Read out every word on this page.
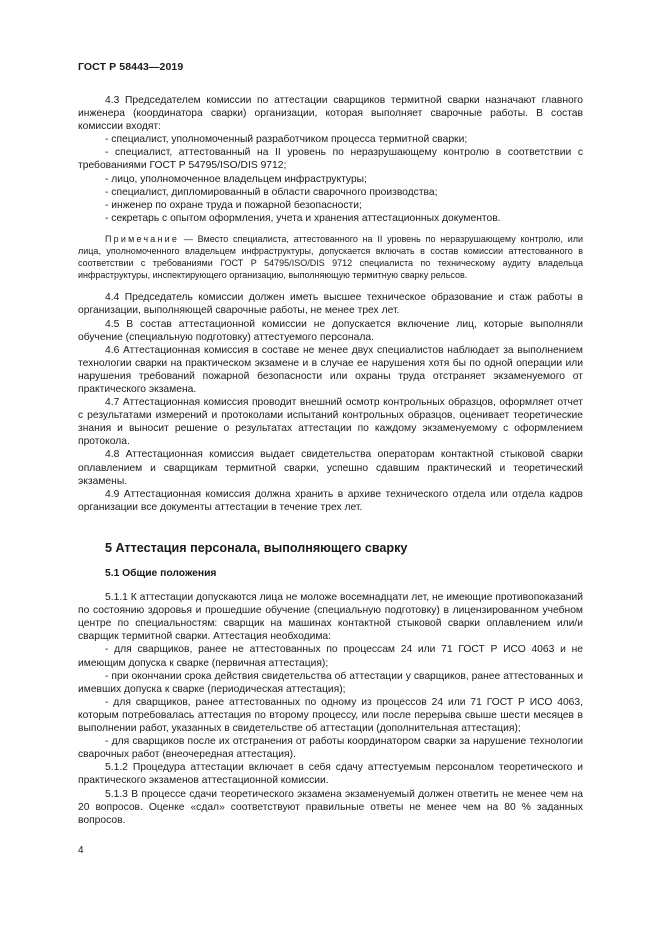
ГОСТ Р 58443—2019

4.3 Председателем комиссии по аттестации сварщиков термитной сварки назначают главного инженера (координатора сварки) организации, которая выполняет сварочные работы. В состав комиссии входят:

- специалист, уполномоченный разработчиком процесса термитной сварки;

- специалист, аттестованный на II уровень по неразрушающему контролю в соответствии с требованиями ГОСТ Р 54795/ISO/DIS 9712;

- лицо, уполномоченное владельцем инфраструктуры;

- специалист, дипломированный в области сварочного производства;

- инженер по охране труда и пожарной безопасности;

- секретарь с опытом оформления, учета и хранения аттестационных документов.

Примечание — Вместо специалиста, аттестованного на II уровень по неразрушающему контролю, или лица, уполномоченного владельцем инфраструктуры, допускается включать в состав комиссии аттестованного в соответствии с требованиями ГОСТ Р 54795/ISO/DIS 9712 специалиста по техническому аудиту владельца инфраструктуры, инспектирующего организацию, выполняющую термитную сварку рельсов.

4.4 Председатель комиссии должен иметь высшее техническое образование и стаж работы в организации, выполняющей сварочные работы, не менее трех лет.

4.5 В состав аттестационной комиссии не допускается включение лиц, которые выполняли обучение (специальную подготовку) аттестуемого персонала.

4.6 Аттестационная комиссия в составе не менее двух специалистов наблюдает за выполнением технологии сварки на практическом экзамене и в случае ее нарушения хотя бы по одной операции или нарушения требований пожарной безопасности или охраны труда отстраняет экзаменуемого от практического экзамена.

4.7 Аттестационная комиссия проводит внешний осмотр контрольных образцов, оформляет отчет с результатами измерений и протоколами испытаний контрольных образцов, оценивает теоретические знания и выносит решение о результатах аттестации по каждому экзаменуемому с оформлением протокола.

4.8 Аттестационная комиссия выдает свидетельства операторам контактной стыковой сварки оплавлением и сварщикам термитной сварки, успешно сдавшим практический и теоретический экзамены.

4.9 Аттестационная комиссия должна хранить в архиве технического отдела или отдела кадров организации все документы аттестации в течение трех лет.

5 Аттестация персонала, выполняющего сварку

5.1 Общие положения

5.1.1 К аттестации допускаются лица не моложе восемнадцати лет, не имеющие противопоказаний по состоянию здоровья и прошедшие обучение (специальную подготовку) в лицензированном учебном центре по специальностям: сварщик на машинах контактной стыковой сварки оплавлением или/и сварщик термитной сварки. Аттестация необходима:

- для сварщиков, ранее не аттестованных по процессам 24 или 71 ГОСТ Р ИСО 4063 и не имеющим допуска к сварке (первичная аттестация);

- при окончании срока действия свидетельства об аттестации у сварщиков, ранее аттестованных и имевших допуска к сварке (периодическая аттестация);

- для сварщиков, ранее аттестованных по одному из процессов 24 или 71 ГОСТ Р ИСО 4063, которым потребовалась аттестация по второму процессу, или после перерыва свыше шести месяцев в выполнении работ, указанных в свидетельстве об аттестации (дополнительная аттестация);

- для сварщиков после их отстранения от работы координатором сварки за нарушение технологии сварочных работ (внеочередная аттестация).

5.1.2 Процедура аттестации включает в себя сдачу аттестуемым персоналом теоретического и практического экзаменов аттестационной комиссии.

5.1.3 В процессе сдачи теоретического экзамена экзаменуемый должен ответить не менее чем на 20 вопросов. Оценке «сдал» соответствуют правильные ответы не менее чем на 80 % заданных вопросов.

4
